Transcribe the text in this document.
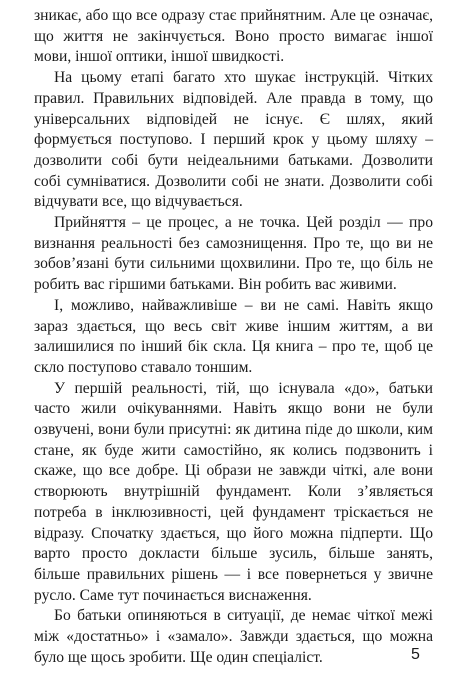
зникає, або що все одразу стає прийнятним. Але це означає, що життя не закінчується. Воно просто вимагає іншої мови, іншої оптики, іншої швидкості.

На цьому етапі багато хто шукає інструкцій. Чітких правил. Правильних відповідей. Але правда в тому, що універсальних відповідей не існує. Є шлях, який формується поступово. І перший крок у цьому шляху – дозволити собі бути неідеальними батьками. Дозволити собі сумніватися. Дозволити собі не знати. Дозволити собі відчувати все, що відчувається.

Прийняття – це процес, а не точка. Цей розділ — про визнання реальності без самознищення. Про те, що ви не зобов’язані бути сильними щохвилини. Про те, що біль не робить вас гіршими батьками. Він робить вас живими.

І, можливо, найважливіше – ви не самі. Навіть якщо зараз здається, що весь світ живе іншим життям, а ви залишилися по інший бік скла. Ця книга – про те, щоб це скло поступово ставало тоншим.

У першій реальності, тій, що існувала «до», батьки часто жили очікуваннями. Навіть якщо вони не були озвучені, вони були присутні: як дитина піде до школи, ким стане, як буде жити самостійно, як колись подзвонить і скаже, що все добре. Ці образи не завжди чіткі, але вони створюють внутрішній фундамент. Коли з’являється потреба в інклюзивності, цей фундамент тріскається не відразу. Спочатку здається, що його можна підперти. Що варто просто докласти більше зусиль, більше занять, більше правильних рішень — і все повернеться у звичне русло. Саме тут починається виснаження.

Бо батьки опиняються в ситуації, де немає чіткої межі між «достатньо» і «замало». Завжди здається, що можна було ще щось зробити. Ще один спеціаліст.	5
